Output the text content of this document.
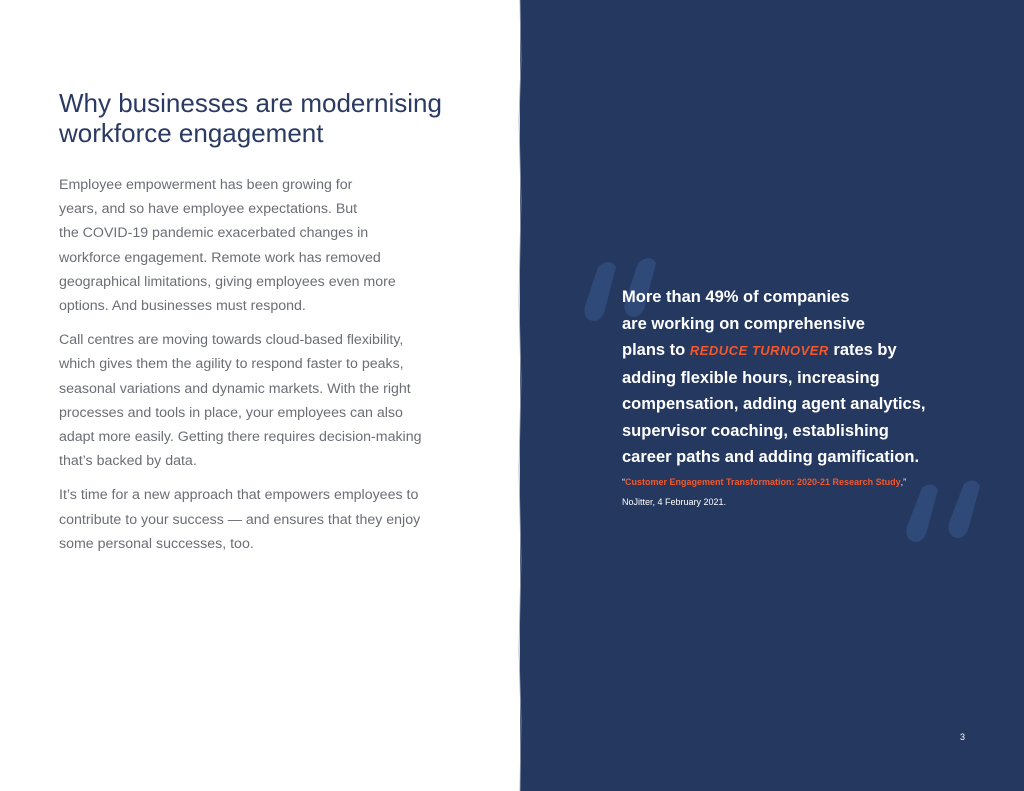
Why businesses are modernising
workforce engagement

Employee empowerment has been growing for
years, and so have employee expectations. But
the COVID-19 pandemic exacerbated changes in
workforce engagement. Remote work has removed
geographical limitations, giving employees even more
options. And businesses must respond.

Call centres are moving towards cloud-based flexibility,
which gives them the agility to respond faster to peaks,
seasonal variations and dynamic markets. With the right
processes and tools in place, your employees can also
adapt more easily. Getting there requires decision-making
that’s backed by data.

It’s time for a new approach that empowers employees to
contribute to your success — and ensures that they enjoy
some personal successes, too.

More than 49% of companies
are working on comprehensive
plans to REDUCE TURNOVER rates by
adding flexible hours, increasing
compensation, adding agent analytics,
supervisor coaching, establishing
career paths and adding gamification.
“Customer Engagement Transformation: 2020-21 Research Study,”
NoJitter, 4 February 2021.
3
